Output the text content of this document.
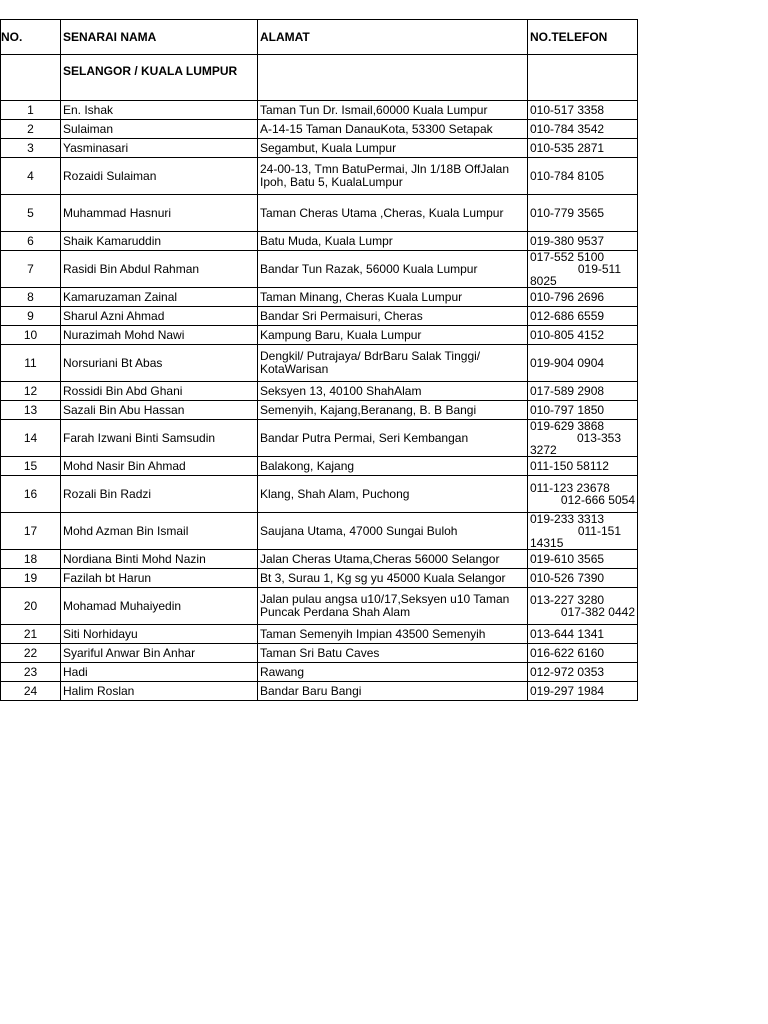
NO.	SENARAI NAMA	ALAMAT	NO.TELEFON
	SELANGOR / KUALA LUMPUR		
1	En. Ishak	Taman Tun Dr. Ismail,60000 Kuala Lumpur	010-517 3358

2	Sulaiman	A-14-15 Taman DanauKota, 53300 Setapak	010-784 3542

3	Yasminasari	Segambut, Kuala Lumpur	010-535 2871

4	Rozaidi Sulaiman	24-00-13, Tmn BatuPermai, Jln 1/18B OffJalan Ipoh, Batu 5, KualaLumpur	010-784 8105

5	Muhammad Hasnuri	Taman Cheras Utama ,Cheras, Kuala Lumpur	010-779 3565

6	Shaik Kamaruddin	Batu Muda, Kuala Lumpr	019-380 9537

7	Rasidi Bin Abdul Rahman	Bandar Tun Razak, 56000 Kuala Lumpur	017-552 5100
019-511
8025

8	Kamaruzaman Zainal	Taman Minang, Cheras Kuala Lumpur	010-796 2696

9	Sharul Azni Ahmad	Bandar Sri Permaisuri, Cheras	012-686 6559

10	Nurazimah Mohd Nawi	Kampung Baru, Kuala Lumpur	010-805 4152

11	Norsuriani Bt Abas	Dengkil/ Putrajaya/ BdrBaru Salak Tinggi/ KotaWarisan	019-904 0904

12	Rossidi Bin Abd Ghani	Seksyen 13, 40100 ShahAlam	017-589 2908

13	Sazali Bin Abu Hassan	Semenyih, Kajang,Beranang, B. B Bangi	010-797 1850

14	Farah Izwani Binti Samsudin	Bandar Putra Permai, Seri Kembangan	019-629 3868
013-353
3272

15	Mohd Nasir Bin Ahmad	Balakong, Kajang	011-150 58112

16	Rozali Bin Radzi	Klang, Shah Alam, Puchong	011-123 23678
012-666 5054

17	Mohd Azman Bin Ismail	Saujana Utama, 47000 Sungai Buloh	019-233 3313
011-151
14315

18	Nordiana Binti Mohd Nazin	Jalan Cheras Utama,Cheras 56000 Selangor	019-610 3565

19	Fazilah bt Harun	Bt 3, Surau 1, Kg sg yu 45000 Kuala Selangor	010-526 7390

20	Mohamad Muhaiyedin	Jalan pulau angsa u10/17,Seksyen u10 Taman Puncak Perdana Shah Alam	013-227 3280
017-382 0442

21	Siti Norhidayu	Taman Semenyih Impian 43500 Semenyih	013-644 1341

22	Syariful Anwar Bin Anhar	Taman Sri Batu Caves	016-622 6160

23	Hadi	Rawang	012-972 0353

24	Halim Roslan	Bandar Baru Bangi	019-297 1984
